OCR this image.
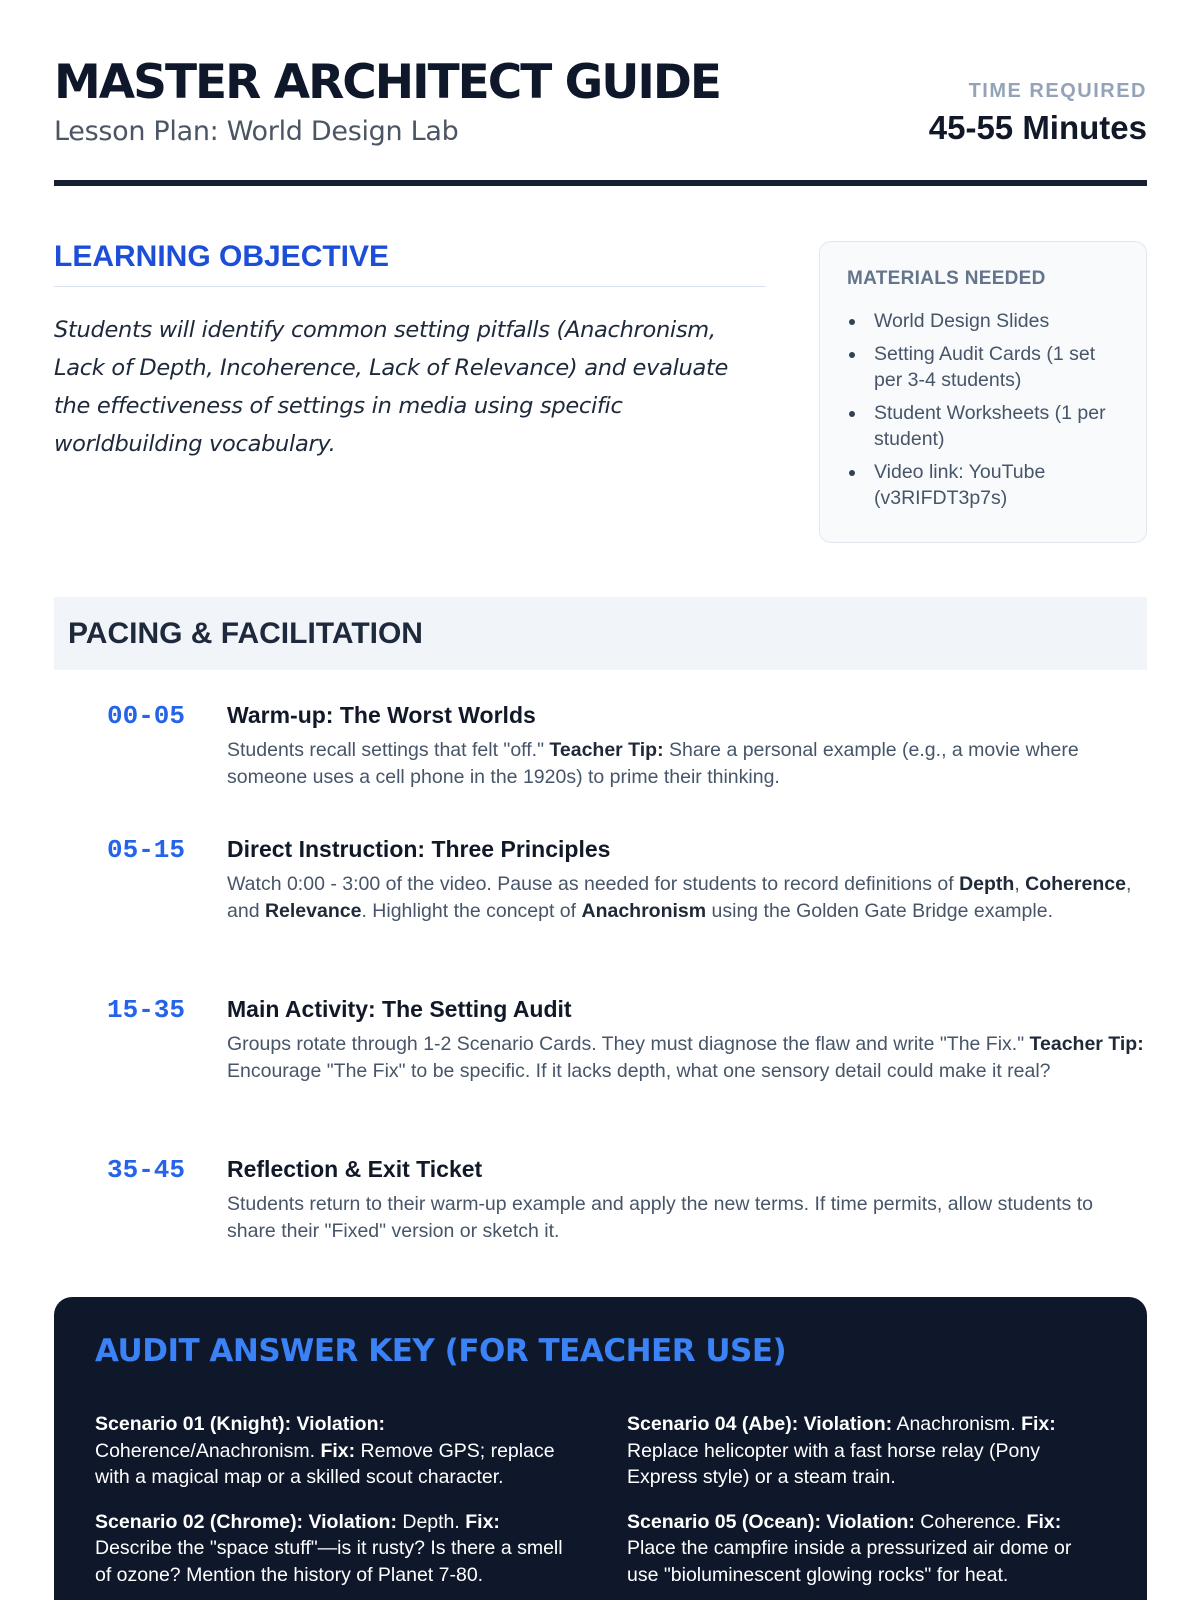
MASTER ARCHITECT GUIDE
Lesson Plan: World Design Lab
TIME REQUIRED
45-55 Minutes
LEARNING OBJECTIVE
Students will identify common setting pitfalls (Anachronism, Lack of Depth, Incoherence, Lack of Relevance) and evaluate the effectiveness of settings in media using specific worldbuilding vocabulary.
MATERIALS NEEDED
World Design Slides
Setting Audit Cards (1 set per 3-4 students)
Student Worksheets (1 per student)
Video link: YouTube (v3RIFDT3p7s)
PACING & FACILITATION
00-05 Warm-up: The Worst Worlds
Students recall settings that felt "off." Teacher Tip: Share a personal example (e.g., a movie where someone uses a cell phone in the 1920s) to prime their thinking.
05-15 Direct Instruction: Three Principles
Watch 0:00 - 3:00 of the video. Pause as needed for students to record definitions of Depth, Coherence, and Relevance. Highlight the concept of Anachronism using the Golden Gate Bridge example.
15-35 Main Activity: The Setting Audit
Groups rotate through 1-2 Scenario Cards. They must diagnose the flaw and write "The Fix." Teacher Tip: Encourage "The Fix" to be specific. If it lacks depth, what one sensory detail could make it real?
35-45 Reflection & Exit Ticket
Students return to their warm-up example and apply the new terms. If time permits, allow students to share their "Fixed" version or sketch it.
AUDIT ANSWER KEY (FOR TEACHER USE)
Scenario 01 (Knight): Violation: Coherence/Anachronism. Fix: Remove GPS; replace with a magical map or a skilled scout character.
Scenario 02 (Chrome): Violation: Depth. Fix: Describe the "space stuff"—is it rusty? Is there a smell of ozone? Mention the history of Planet 7-80.
Scenario 04 (Abe): Violation: Anachronism. Fix: Replace helicopter with a fast horse relay (Pony Express style) or a steam train.
Scenario 05 (Ocean): Violation: Coherence. Fix: Place the campfire inside a pressurized air dome or use "bioluminescent glowing rocks" for heat.
